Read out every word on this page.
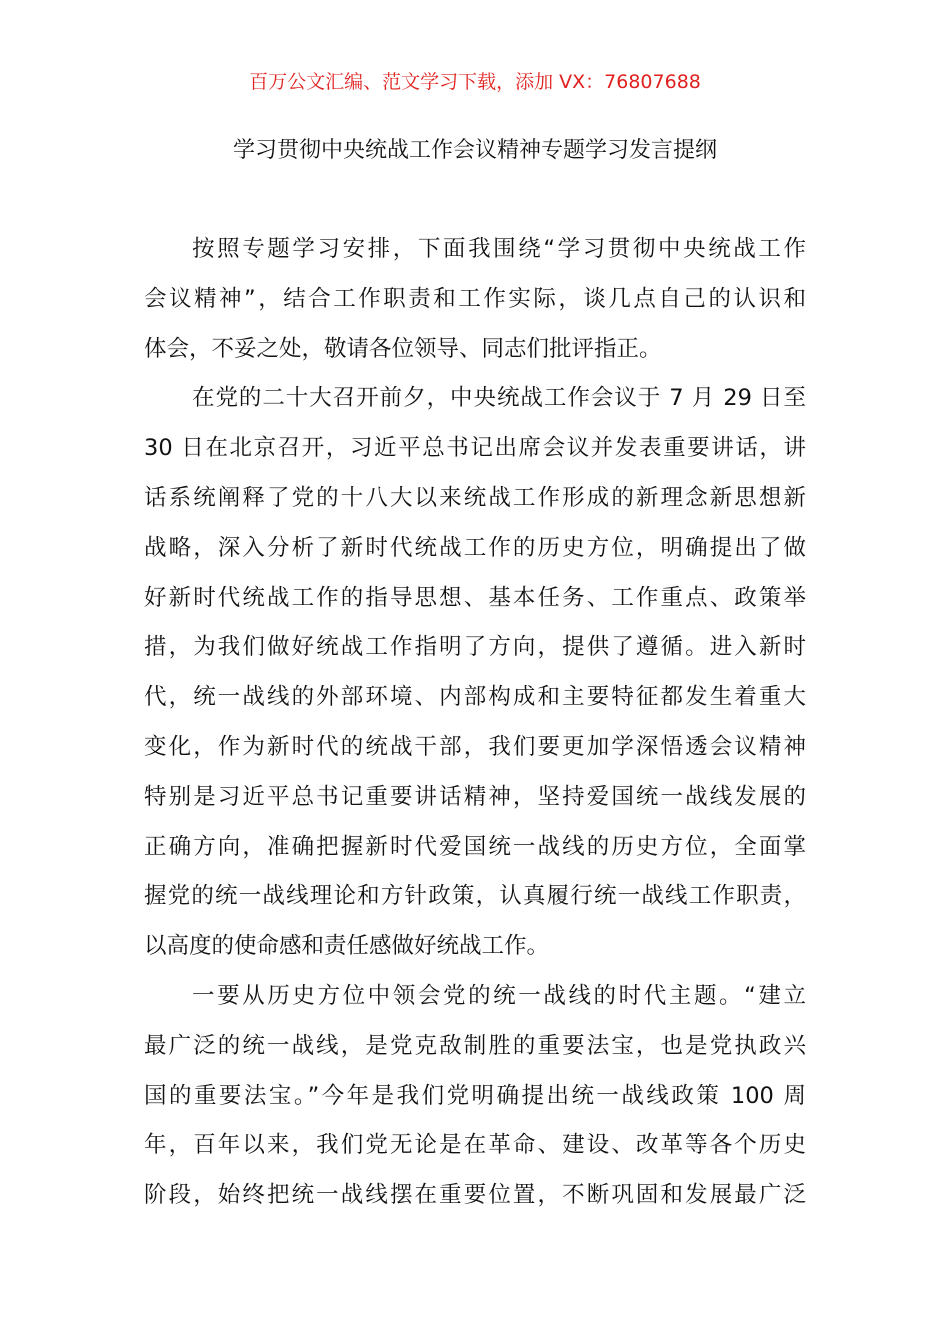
百万公文汇编、范文学习下载，添加 VX：76807688
学习贯彻中央统战工作会议精神专题学习发言提纲
按照专题学习安排，下面我围绕“学习贯彻中央统战工作
会议精神”，结合工作职责和工作实际，谈几点自己的认识和
体会，不妥之处，敬请各位领导、同志们批评指正。
在党的二十大召开前夕，中央统战工作会议于 7 月 29 日至
30 日在北京召开，习近平总书记出席会议并发表重要讲话，讲
话系统阐释了党的十八大以来统战工作形成的新理念新思想新
战略，深入分析了新时代统战工作的历史方位，明确提出了做
好新时代统战工作的指导思想、基本任务、工作重点、政策举
措，为我们做好统战工作指明了方向，提供了遵循。进入新时
代，统一战线的外部环境、内部构成和主要特征都发生着重大
变化，作为新时代的统战干部，我们要更加学深悟透会议精神
特别是习近平总书记重要讲话精神，坚持爱国统一战线发展的
正确方向，准确把握新时代爱国统一战线的历史方位，全面掌
握党的统一战线理论和方针政策，认真履行统一战线工作职责，
以高度的使命感和责任感做好统战工作。
一要从历史方位中领会党的统一战线的时代主题。“建立
最广泛的统一战线，是党克敌制胜的重要法宝，也是党执政兴
国的重要法宝。”今年是我们党明确提出统一战线政策 100 周
年，百年以来，我们党无论是在革命、建设、改革等各个历史
阶段，始终把统一战线摆在重要位置，不断巩固和发展最广泛
